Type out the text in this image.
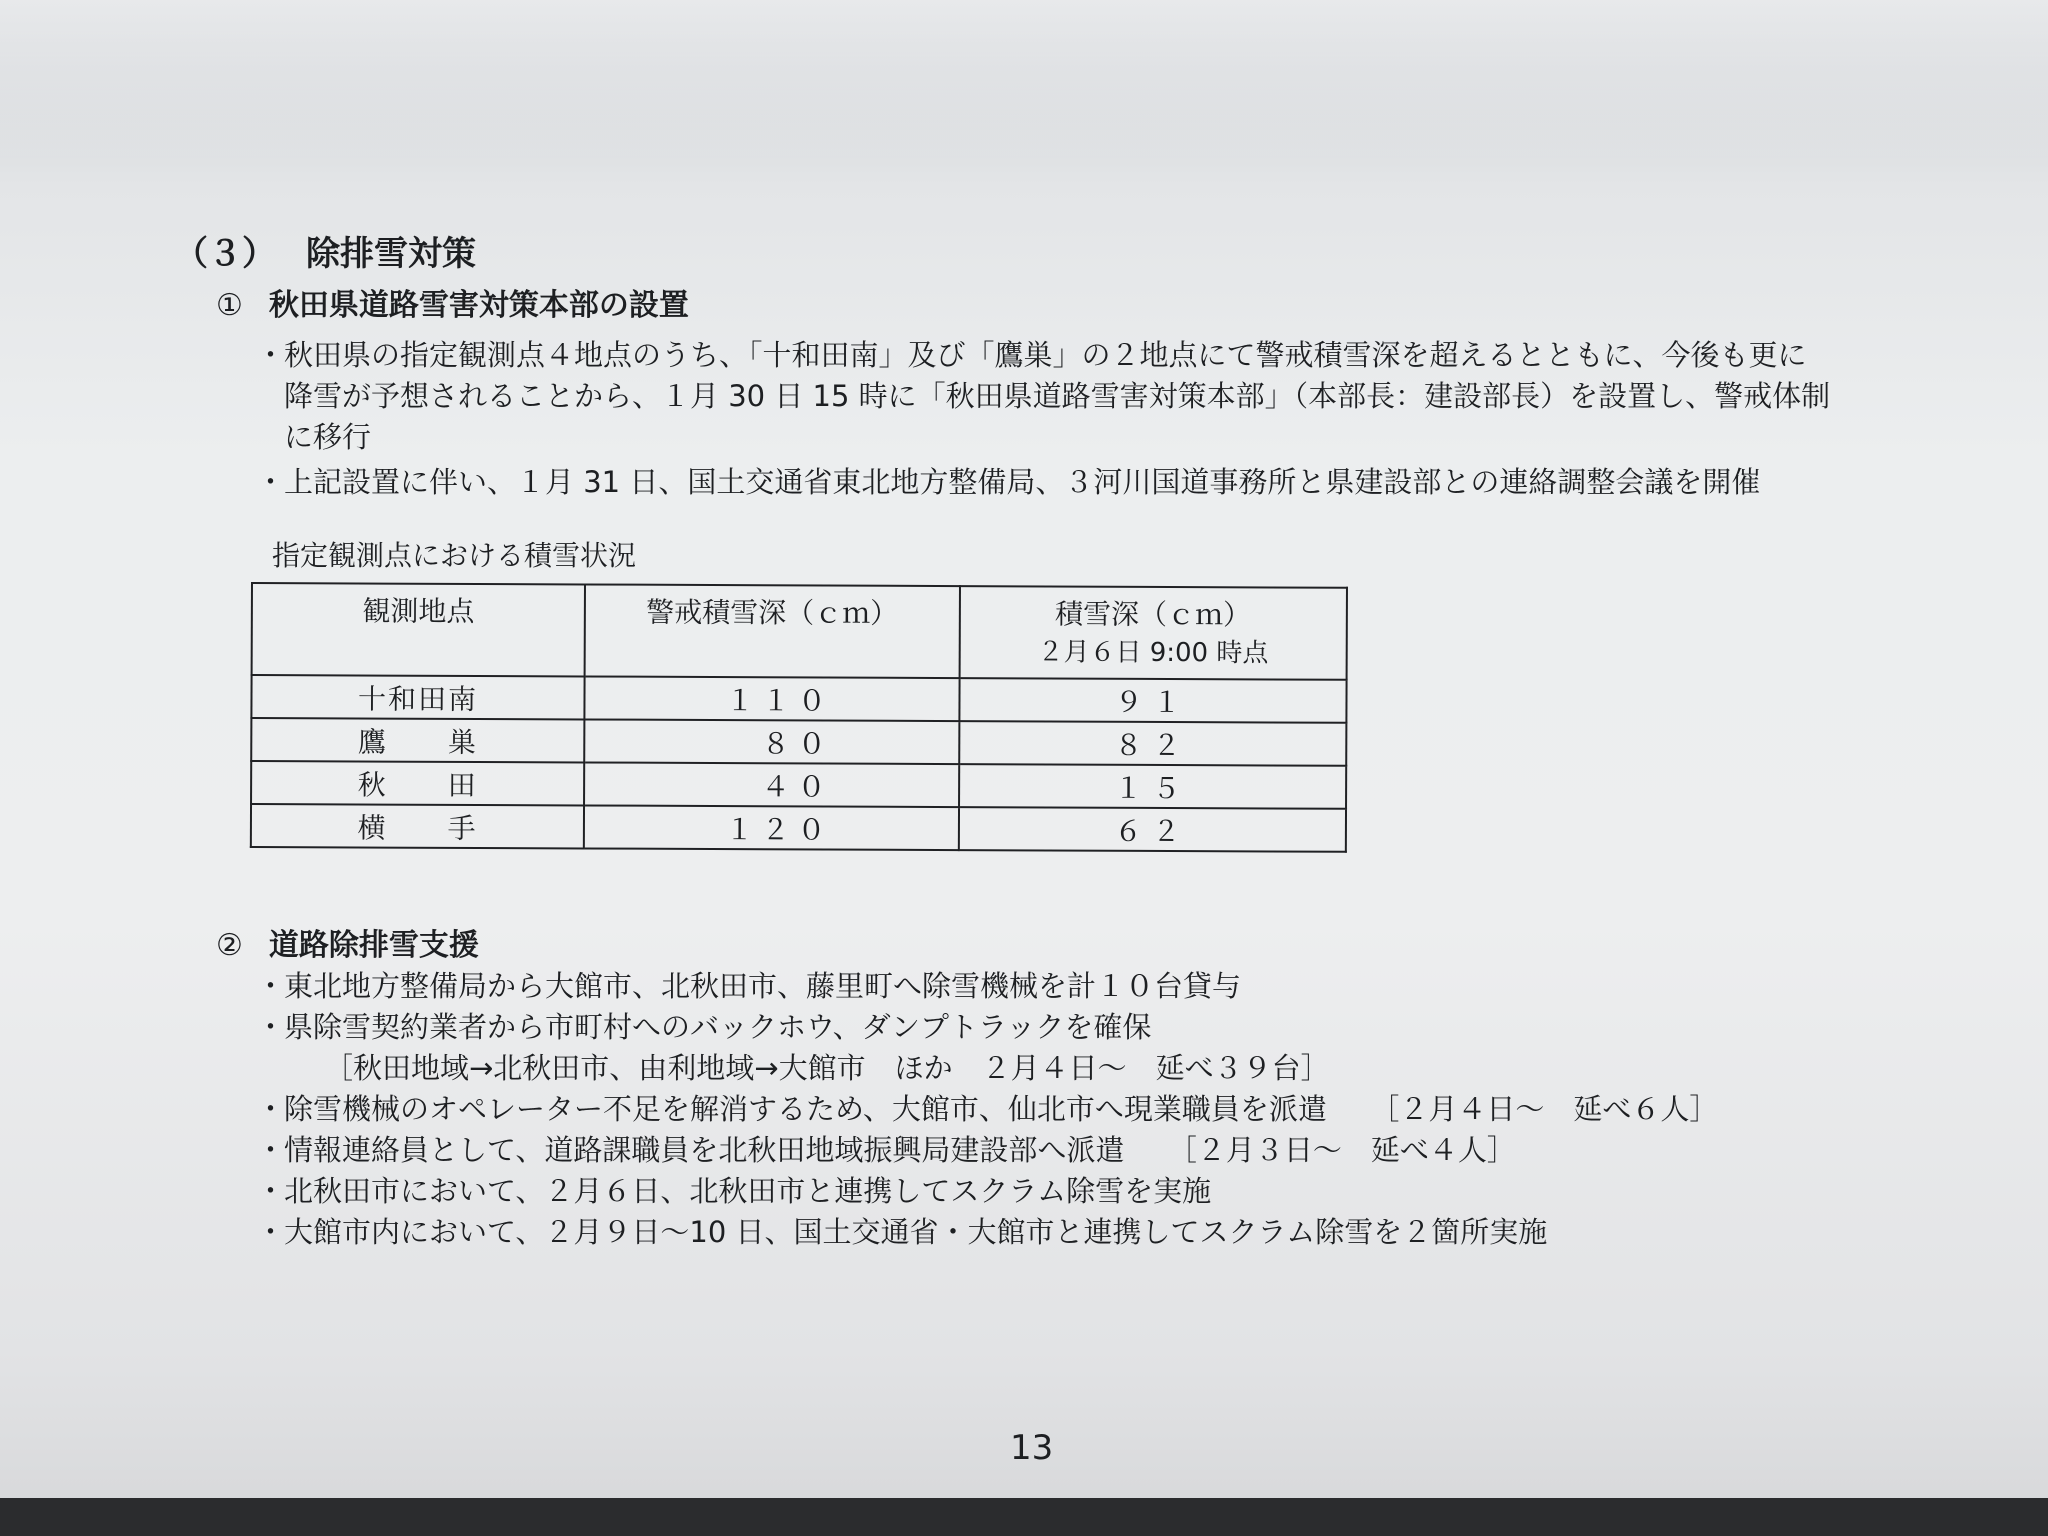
（３） 除排雪対策
① 秋田県道路雪害対策本部の設置
・
秋田県の指定観測点４地点のうち、「十和田南」及び「鷹巣」の２地点にて警戒積雪深を超えるとともに、今後も更に
降雪が予想されることから、１月 30 日 15 時に「秋田県道路雪害対策本部」（本部長：建設部長）を設置し、警戒体制
に移行
・
上記設置に伴い、１月 31 日、国土交通省東北地方整備局、３河川国道事務所と県建設部との連絡調整会議を開催
指定観測点における積雪状況
観測地点	警戒積雪深（ｃｍ）	積雪深（ｃｍ）
２月６日 9:00 時点

十和田南	１１０	９１
鷹　　巣	８０	８２
秋　　田	４０	１５
横　　手	１２０	６２
② 道路除排雪支援
・
東北地方整備局から大館市、北秋田市、藤里町へ除雪機械を計１０台貸与
・
県除雪契約業者から市町村へのバックホウ、ダンプトラックを確保
［秋田地域→北秋田市、由利地域→大館市　ほか　２月４日～　延べ３９台］
・
除雪機械のオペレーター不足を解消するため、大館市、仙北市へ現業職員を派遣　　［２月４日～　延べ６人］
・
情報連絡員として、道路課職員を北秋田地域振興局建設部へ派遣　　［２月３日～　延べ４人］
・
北秋田市において、２月６日、北秋田市と連携してスクラム除雪を実施
・
大館市内において、２月９日～10 日、国土交通省・大館市と連携してスクラム除雪を２箇所実施
13
